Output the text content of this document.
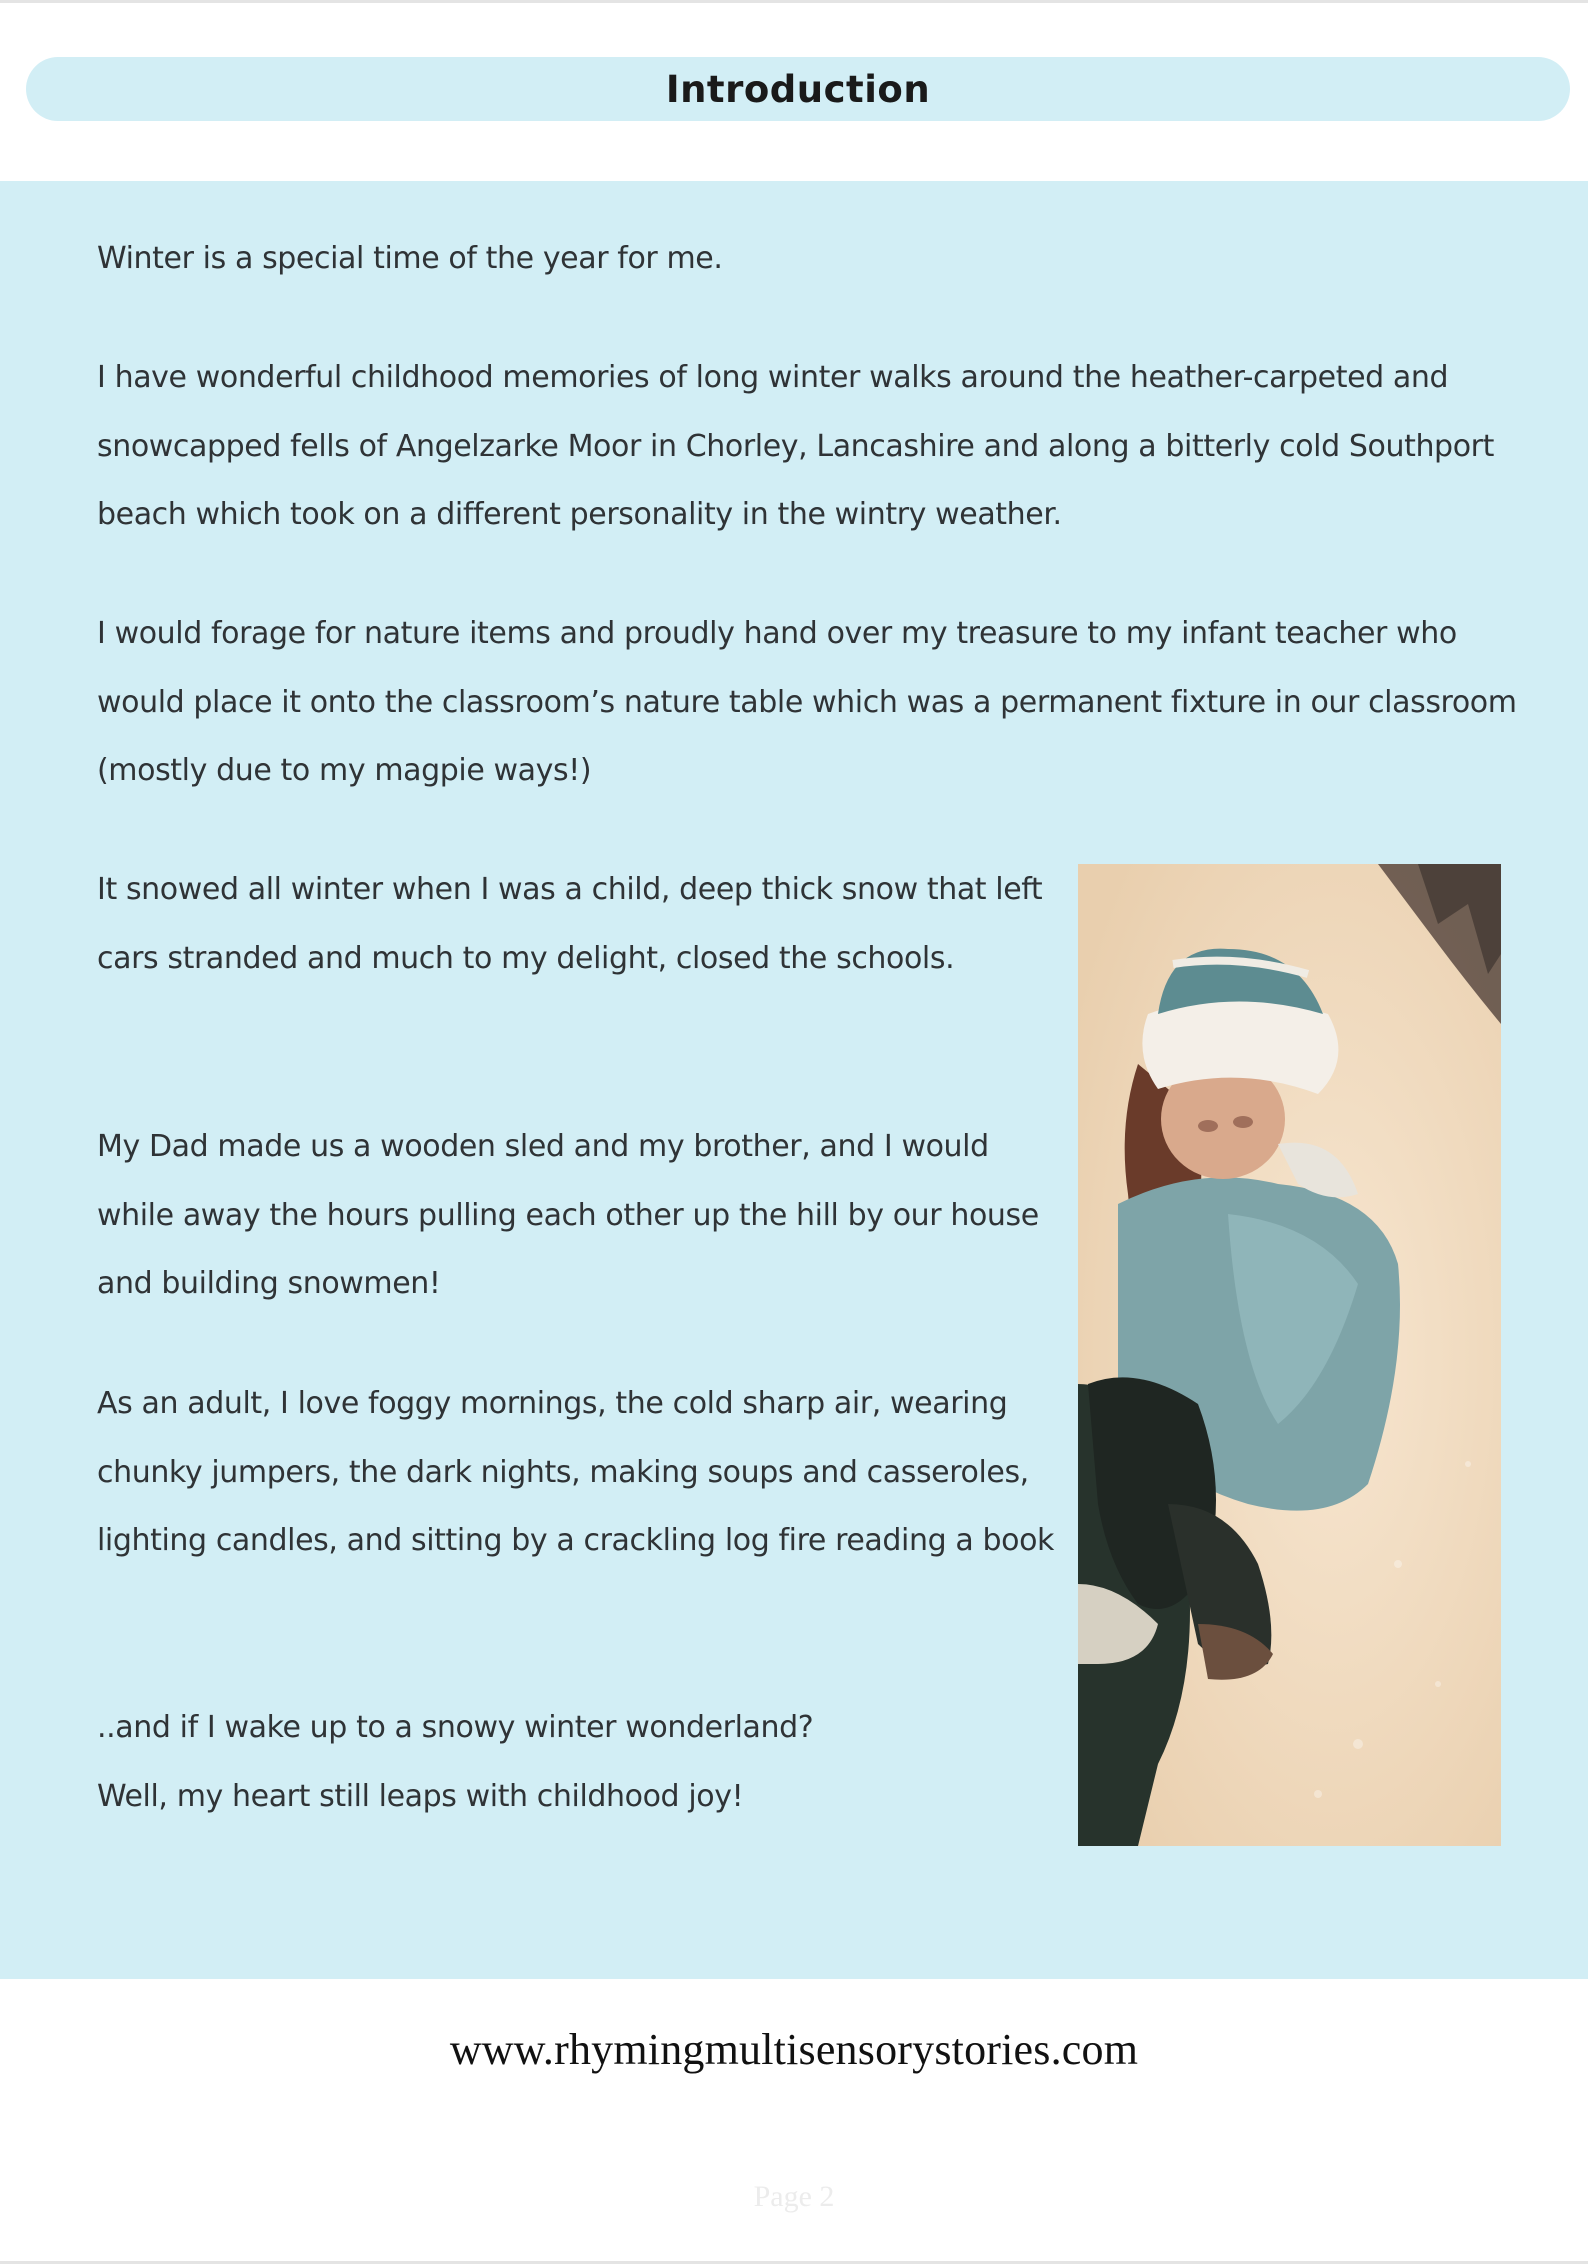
Introduction

Winter is a special time of the year for me.

I have wonderful childhood memories of long winter walks around the heather-carpeted and snowcapped fells of Angelzarke Moor in Chorley, Lancashire and along a bitterly cold Southport beach which took on a different personality in the wintry weather.

I would forage for nature items and proudly hand over my treasure to my infant teacher who would place it onto the classroom’s nature table which was a permanent fixture in our classroom (mostly due to my magpie ways!)

It snowed all winter when I was a child, deep thick snow that left cars stranded and much to my delight, closed the schools.

My Dad made us a wooden sled and my brother, and I would while away the hours pulling each other up the hill by our house and building snowmen!

As an adult, I love foggy mornings, the cold sharp air, wearing chunky jumpers, the dark nights, making soups and casseroles, lighting candles, and sitting by a crackling log fire reading a book

..and if I wake up to a snowy winter wonderland?

Well, my heart still leaps with childhood joy!

www.rhymingmultisensorystories.com
Page 2
